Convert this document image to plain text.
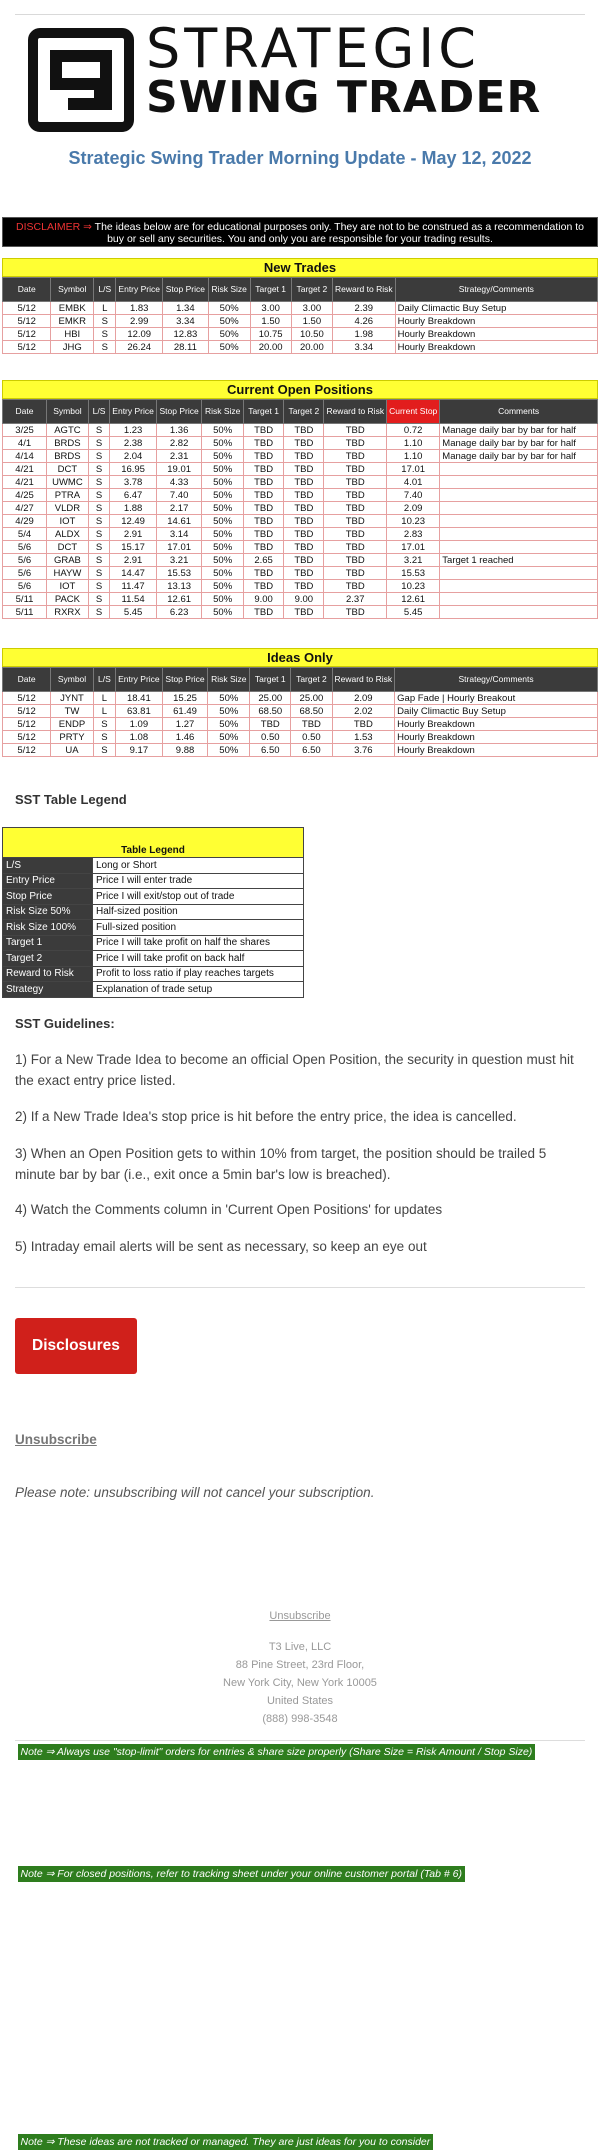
STRATEGIC
SWING TRADER
Strategic Swing Trader Morning Update - May 12, 2022
DISCLAIMER ⇒ The ideas below are for educational purposes only. They are not to be construed as a recommendation to buy or sell any securities. You and only you are responsible for your trading results.
New Trades

Note ⇒ Always use "stop-limit" orders for entries & share size properly (Share Size = Risk Amount / Stop Size)
Date	Symbol	L/S	Entry Price	Stop Price	Risk Size	Target 1	Target 2	Reward to Risk	Strategy/Comments
5/12	EMBK	L	1.83	1.34	50%	3.00	3.00	2.39	Daily Climactic Buy Setup
5/12	EMKR	S	2.99	3.34	50%	1.50	1.50	4.26	Hourly Breakdown
5/12	HBI	S	12.09	12.83	50%	10.75	10.50	1.98	Hourly Breakdown
5/12	JHG	S	26.24	28.11	50%	20.00	20.00	3.34	Hourly Breakdown
Current Open Positions

Note ⇒ For closed positions, refer to tracking sheet under your online customer portal (Tab # 6)
Date	Symbol	L/S	Entry Price	Stop Price	Risk Size	Target 1	Target 2	Reward to Risk	Current Stop	Comments
3/25	AGTC	S	1.23	1.36	50%	TBD	TBD	TBD	0.72	Manage daily bar by bar for half
4/1	BRDS	S	2.38	2.82	50%	TBD	TBD	TBD	1.10	Manage daily bar by bar for half
4/14	BRDS	S	2.04	2.31	50%	TBD	TBD	TBD	1.10	Manage daily bar by bar for half
4/21	DCT	S	16.95	19.01	50%	TBD	TBD	TBD	17.01	
4/21	UWMC	S	3.78	4.33	50%	TBD	TBD	TBD	4.01	
4/25	PTRA	S	6.47	7.40	50%	TBD	TBD	TBD	7.40	
4/27	VLDR	S	1.88	2.17	50%	TBD	TBD	TBD	2.09	
4/29	IOT	S	12.49	14.61	50%	TBD	TBD	TBD	10.23	
5/4	ALDX	S	2.91	3.14	50%	TBD	TBD	TBD	2.83	
5/6	DCT	S	15.17	17.01	50%	TBD	TBD	TBD	17.01	
5/6	GRAB	S	2.91	3.21	50%	2.65	TBD	TBD	3.21	Target 1 reached
5/6	HAYW	S	14.47	15.53	50%	TBD	TBD	TBD	15.53	
5/6	IOT	S	11.47	13.13	50%	TBD	TBD	TBD	10.23	
5/11	PACK	S	11.54	12.61	50%	9.00	9.00	2.37	12.61	
5/11	RXRX	S	5.45	6.23	50%	TBD	TBD	TBD	5.45	
Ideas Only

Note ⇒ These ideas are not tracked or managed. They are just ideas for you to consider
Date	Symbol	L/S	Entry Price	Stop Price	Risk Size	Target 1	Target 2	Reward to Risk	Strategy/Comments
5/12	JYNT	L	18.41	15.25	50%	25.00	25.00	2.09	Gap Fade | Hourly Breakout
5/12	TW	L	63.81	61.49	50%	68.50	68.50	2.02	Daily Climactic Buy Setup
5/12	ENDP	S	1.09	1.27	50%	TBD	TBD	TBD	Hourly Breakdown
5/12	PRTY	S	1.08	1.46	50%	0.50	0.50	1.53	Hourly Breakdown
5/12	UA	S	9.17	9.88	50%	6.50	6.50	3.76	Hourly Breakdown
SST Table Legend
Table Legend	
L/S	Long or Short
Entry Price	Price I will enter trade
Stop Price	Price I will exit/stop out of trade
Risk Size 50%	Half-sized position
Risk Size 100%	Full-sized position
Target 1	Price I will take profit on half the shares
Target 2	Price I will take profit on back half
Reward to Risk	Profit to loss ratio if play reaches targets
Strategy	Explanation of trade setup
SST Guidelines:
1) For a New Trade Idea to become an official Open Position, the security in question must hit the exact entry price listed.
2) If a New Trade Idea's stop price is hit before the entry price, the idea is cancelled.
3) When an Open Position gets to within 10% from target, the position should be trailed 5 minute bar by bar (i.e., exit once a 5min bar's low is breached).
4) Watch the Comments column in 'Current Open Positions' for updates
5) Intraday email alerts will be sent as necessary, so keep an eye out
Disclosures
Unsubscribe
Please note: unsubscribing will not cancel your subscription.
Unsubscribe
T3 Live, LLC
88 Pine Street, 23rd Floor,
New York City, New York 10005
United States
(888) 998-3548
